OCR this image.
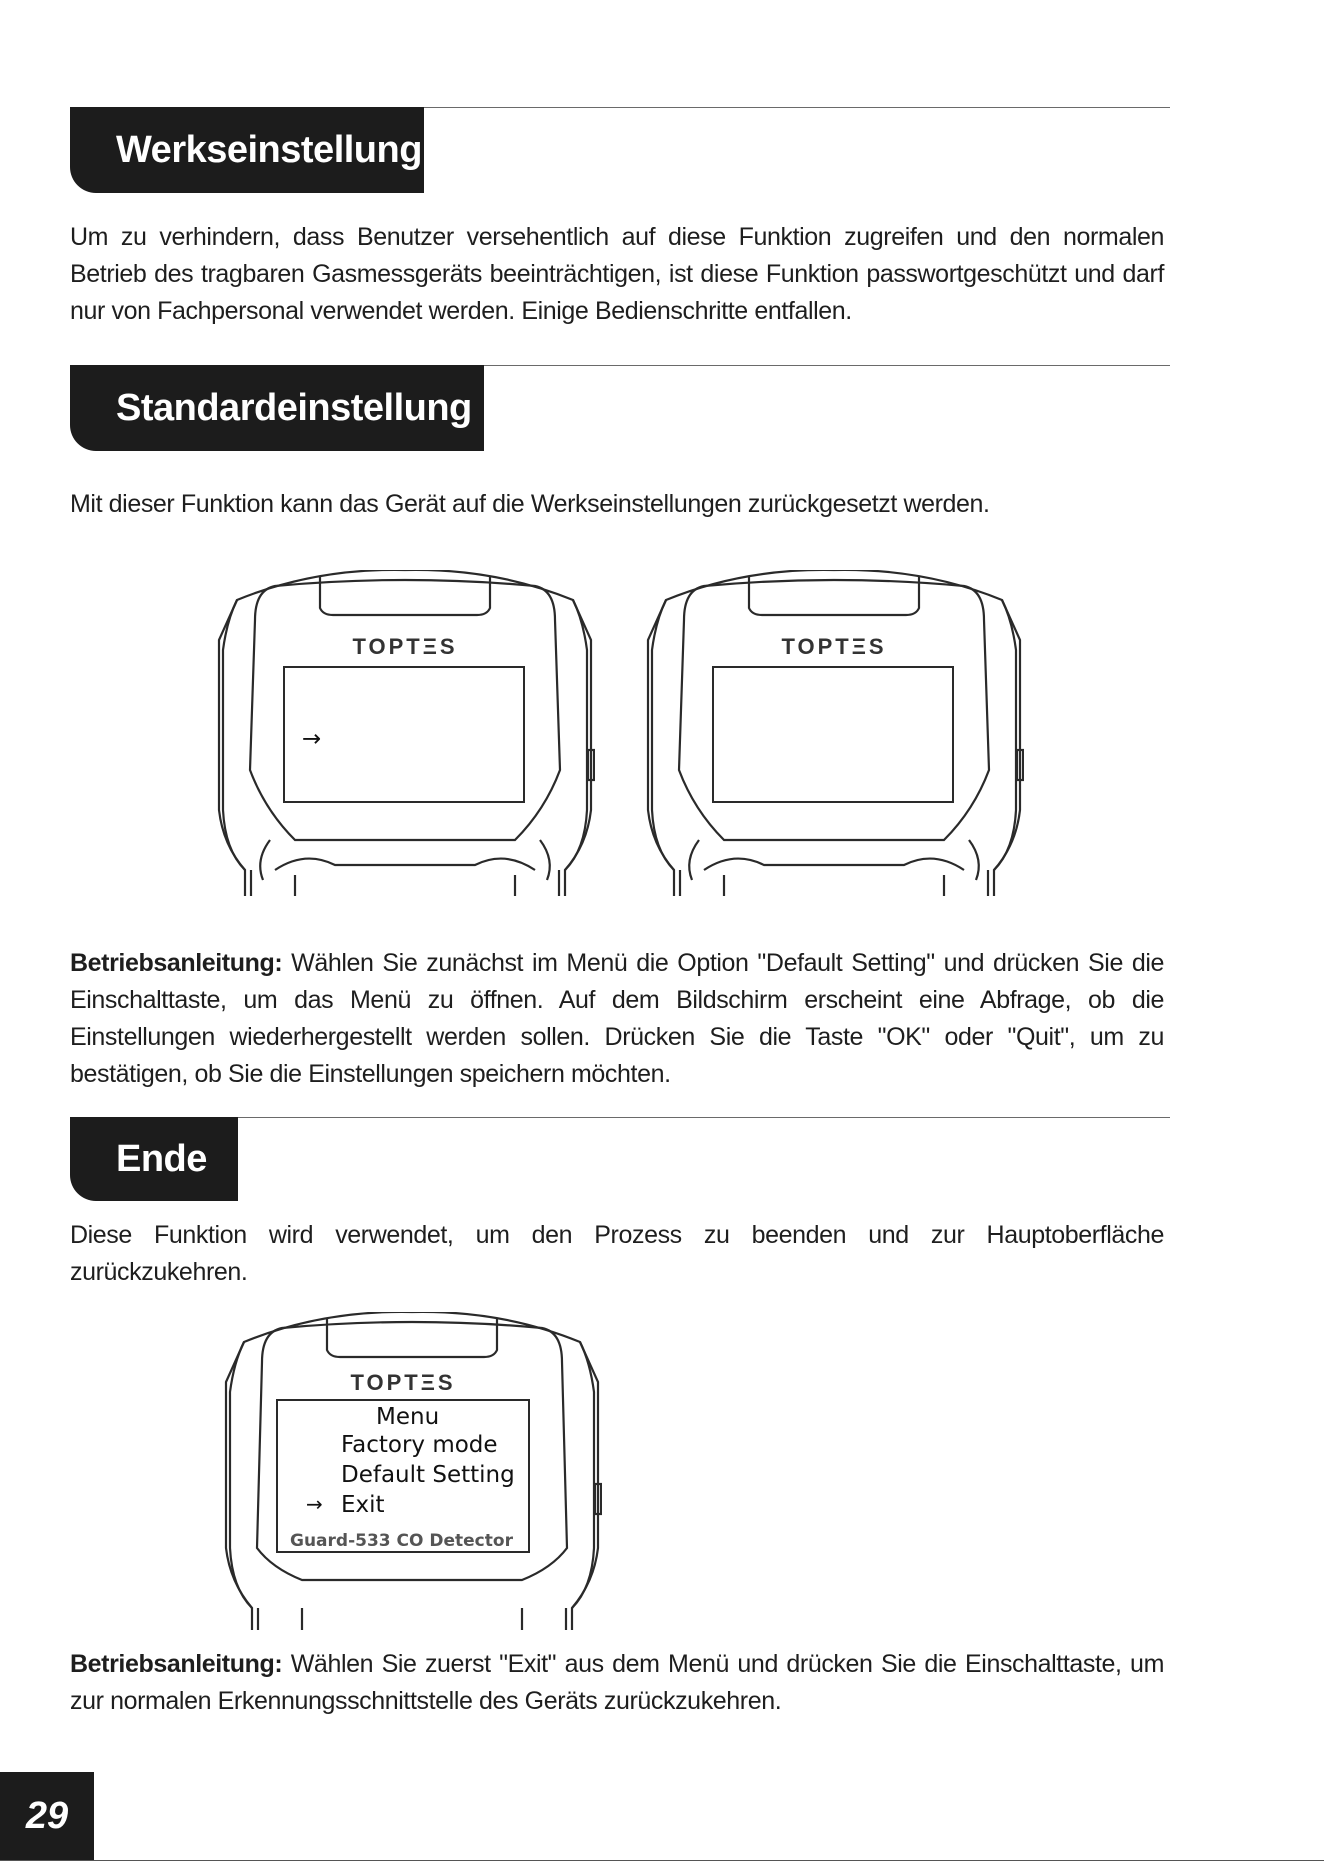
Werkseinstellung

Um zu verhindern, dass Benutzer versehentlich auf diese Funktion zugreifen und den normalen Betrieb des tragbaren Gasmessgeräts beeinträchtigen, ist diese Funktion passwortgeschützt und darf nur von Fachpersonal verwendet werden. Einige Bedienschritte entfallen.

Standardeinstellung

Mit dieser Funktion kann das Gerät auf die Werkseinstellungen zurückgesetzt werden.

TOPTΞS
→
TOPTΞS

Betriebsanleitung: Wählen Sie zunächst im Menü die Option "Default Setting" und drücken Sie die Einschalttaste, um das Menü zu öffnen. Auf dem Bildschirm erscheint eine Abfrage, ob die Einstellungen wiederhergestellt werden sollen. Drücken Sie die Taste "OK" oder "Quit", um zu bestätigen, ob Sie die Einstellungen speichern möchten.

Ende

Diese Funktion wird verwendet, um den Prozess zu beenden und zur Hauptoberfläche zurückzukehren.

TOPTΞS
Menu
Factory mode
Default Setting
→ Exit
Guard-533 CO Detector

Betriebsanleitung: Wählen Sie zuerst "Exit" aus dem Menü und drücken Sie die Einschalttaste, um zur normalen Erkennungsschnittstelle des Geräts zurückzukehren.

29
